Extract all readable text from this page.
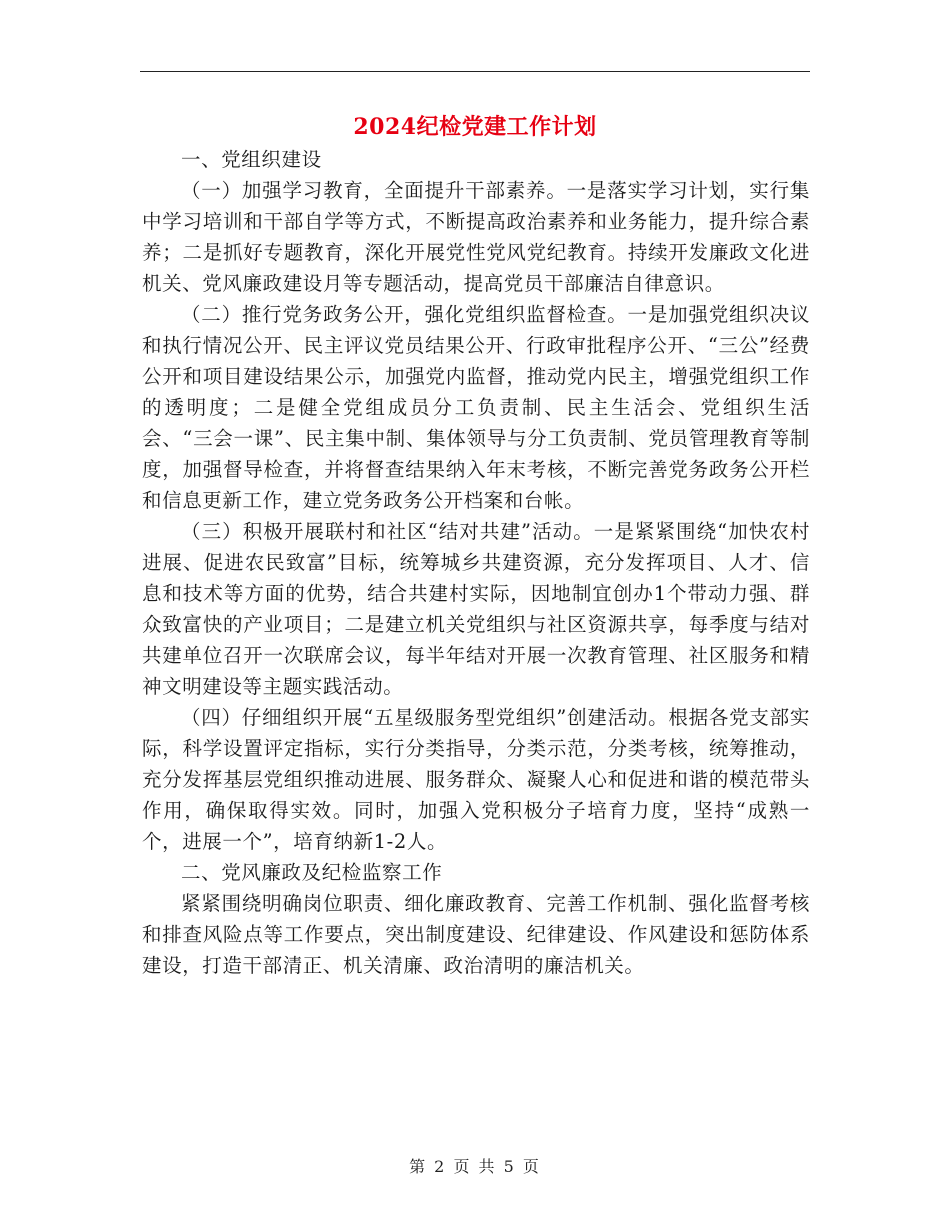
2024纪检党建工作计划

一、党组织建设

（一）加强学习教育，全面提升干部素养。一是落实学习计划，实行集中学习培训和干部自学等方式，不断提高政治素养和业务能力，提升综合素养；二是抓好专题教育，深化开展党性党风党纪教育。持续开发廉政文化进机关、党风廉政建设月等专题活动，提高党员干部廉洁自律意识。

（二）推行党务政务公开，强化党组织监督检查。一是加强党组织决议和执行情况公开、民主评议党员结果公开、行政审批程序公开、“三公”经费公开和项目建设结果公示，加强党内监督，推动党内民主，增强党组织工作的透明度；二是健全党组成员分工负责制、民主生活会、党组织生活会、“三会一课”、民主集中制、集体领导与分工负责制、党员管理教育等制度，加强督导检查，并将督查结果纳入年末考核，不断完善党务政务公开栏和信息更新工作，建立党务政务公开档案和台帐。

（三）积极开展联村和社区“结对共建”活动。一是紧紧围绕“加快农村进展、促进农民致富”目标，统筹城乡共建资源，充分发挥项目、人才、信息和技术等方面的优势，结合共建村实际，因地制宜创办1个带动力强、群众致富快的产业项目；二是建立机关党组织与社区资源共享，每季度与结对共建单位召开一次联席会议，每半年结对开展一次教育管理、社区服务和精神文明建设等主题实践活动。

（四）仔细组织开展“五星级服务型党组织”创建活动。根据各党支部实际，科学设置评定指标，实行分类指导，分类示范，分类考核，统筹推动，充分发挥基层党组织推动进展、服务群众、凝聚人心和促进和谐的模范带头作用，确保取得实效。同时，加强入党积极分子培育力度，坚持“成熟一个，进展一个”，培育纳新1-2人。

二、党风廉政及纪检监察工作

紧紧围绕明确岗位职责、细化廉政教育、完善工作机制、强化监督考核和排查风险点等工作要点，突出制度建设、纪律建设、作风建设和惩防体系建设，打造干部清正、机关清廉、政治清明的廉洁机关。

第 2 页 共 5 页
